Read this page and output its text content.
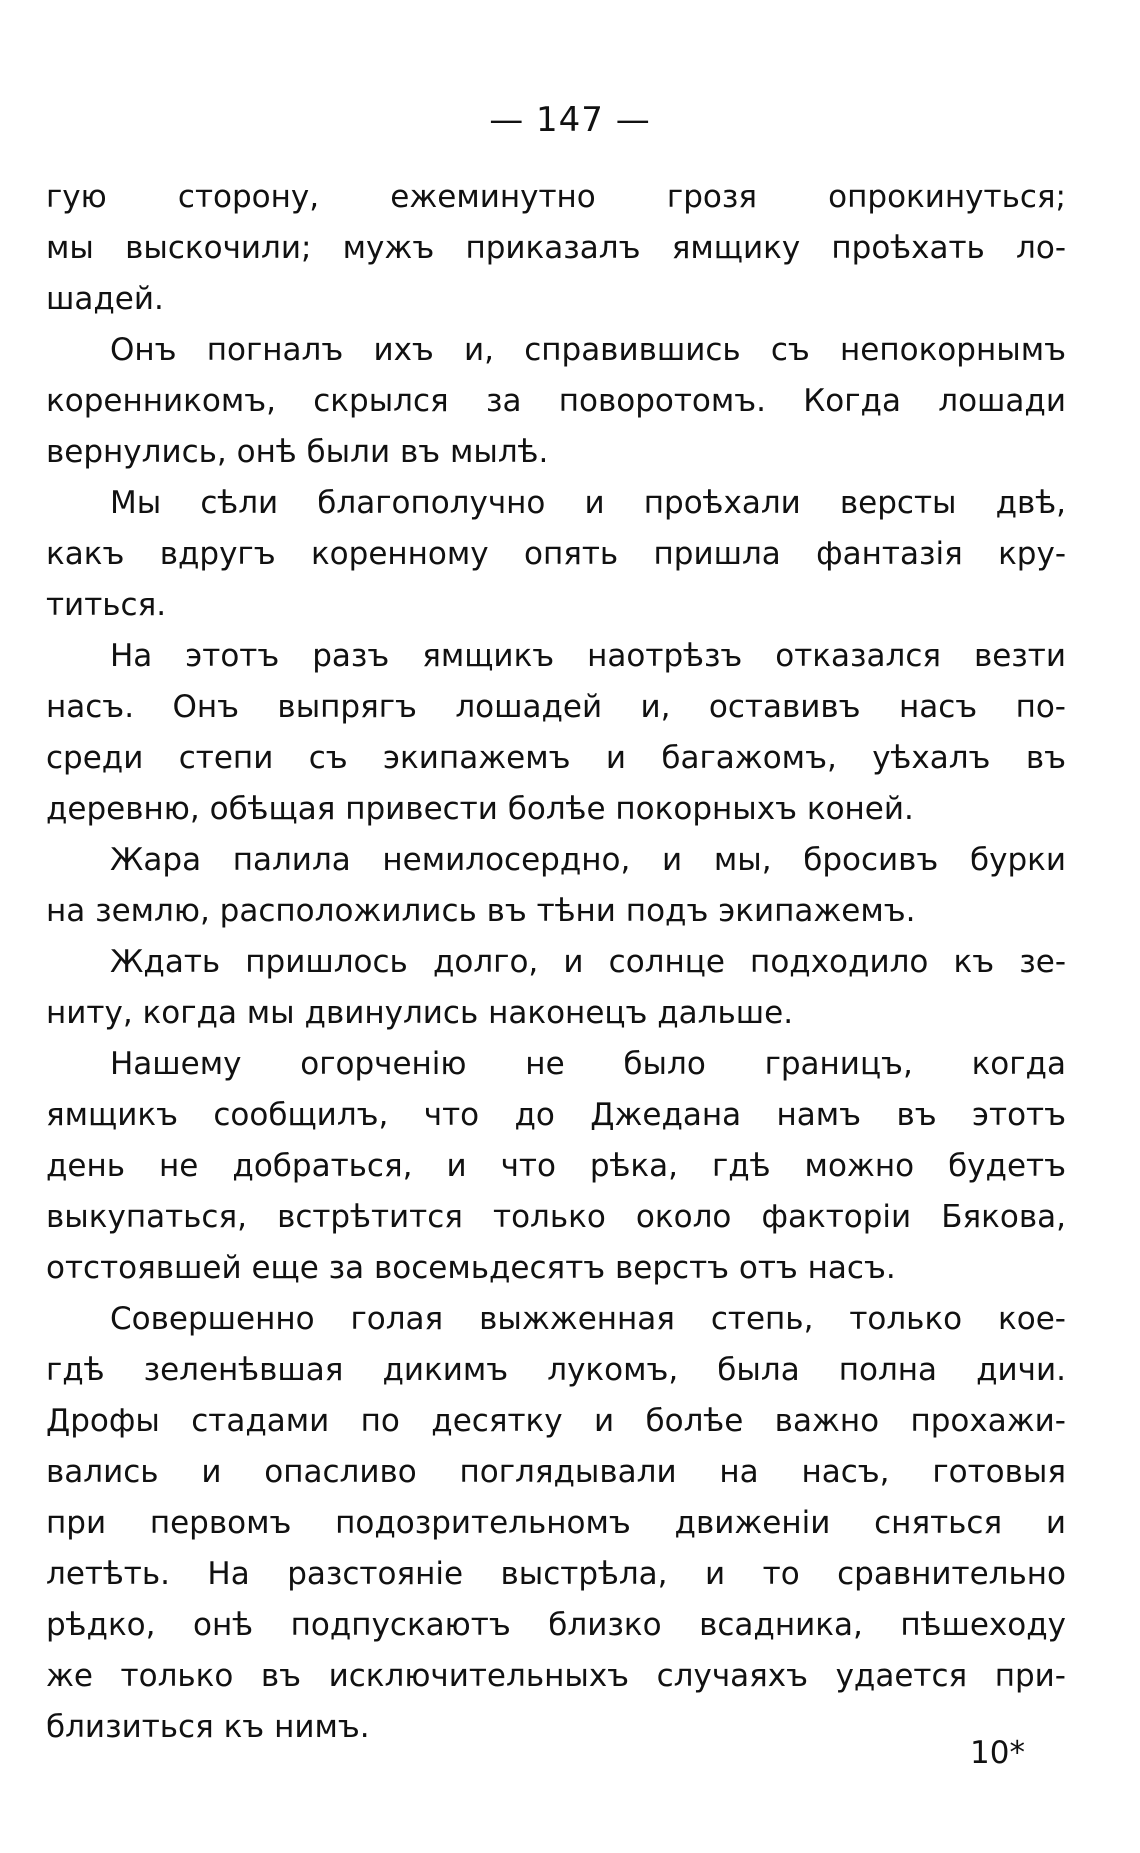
— 147 —
гую сторону, ежеминутно грозя опрокинуться;
мы выскочили; мужъ приказалъ ямщику проѣхать ло-
шадей.
Онъ погналъ ихъ и, справившись съ непокорнымъ
коренникомъ, скрылся за поворотомъ. Когда лошади
вернулись, онѣ были въ мылѣ.
Мы сѣли благополучно и проѣхали версты двѣ,
какъ вдругъ коренному опять пришла фантазія кру-
титься.
На этотъ разъ ямщикъ наотрѣзъ отказался везти
насъ. Онъ выпрягъ лошадей и, оставивъ насъ по-
среди степи съ экипажемъ и багажомъ, уѣхалъ въ
деревню, обѣщая привести болѣе покорныхъ коней.
Жара палила немилосердно, и мы, бросивъ бурки
на землю, расположились въ тѣни подъ экипажемъ.
Ждать пришлось долго, и солнце подходило къ зе-
ниту, когда мы двинулись наконецъ дальше.
Нашему огорченію не было границъ, когда
ямщикъ сообщилъ, что до Джедана намъ въ этотъ
день не добраться, и что рѣка, гдѣ можно будетъ
выкупаться, встрѣтится только около факторіи Бякова,
отстоявшей еще за восемьдесятъ верстъ отъ насъ.
Совершенно голая выжженная степь, только кое-
гдѣ зеленѣвшая дикимъ лукомъ, была полна дичи.
Дрофы стадами по десятку и болѣе важно прохажи-
вались и опасливо поглядывали на насъ, готовыя
при первомъ подозрительномъ движеніи сняться и
летѣть. На разстояніе выстрѣла, и то сравнительно
рѣдко, онѣ подпускаютъ близко всадника, пѣшеходу
же только въ исключительныхъ случаяхъ удается при-
близиться къ нимъ.
10*
